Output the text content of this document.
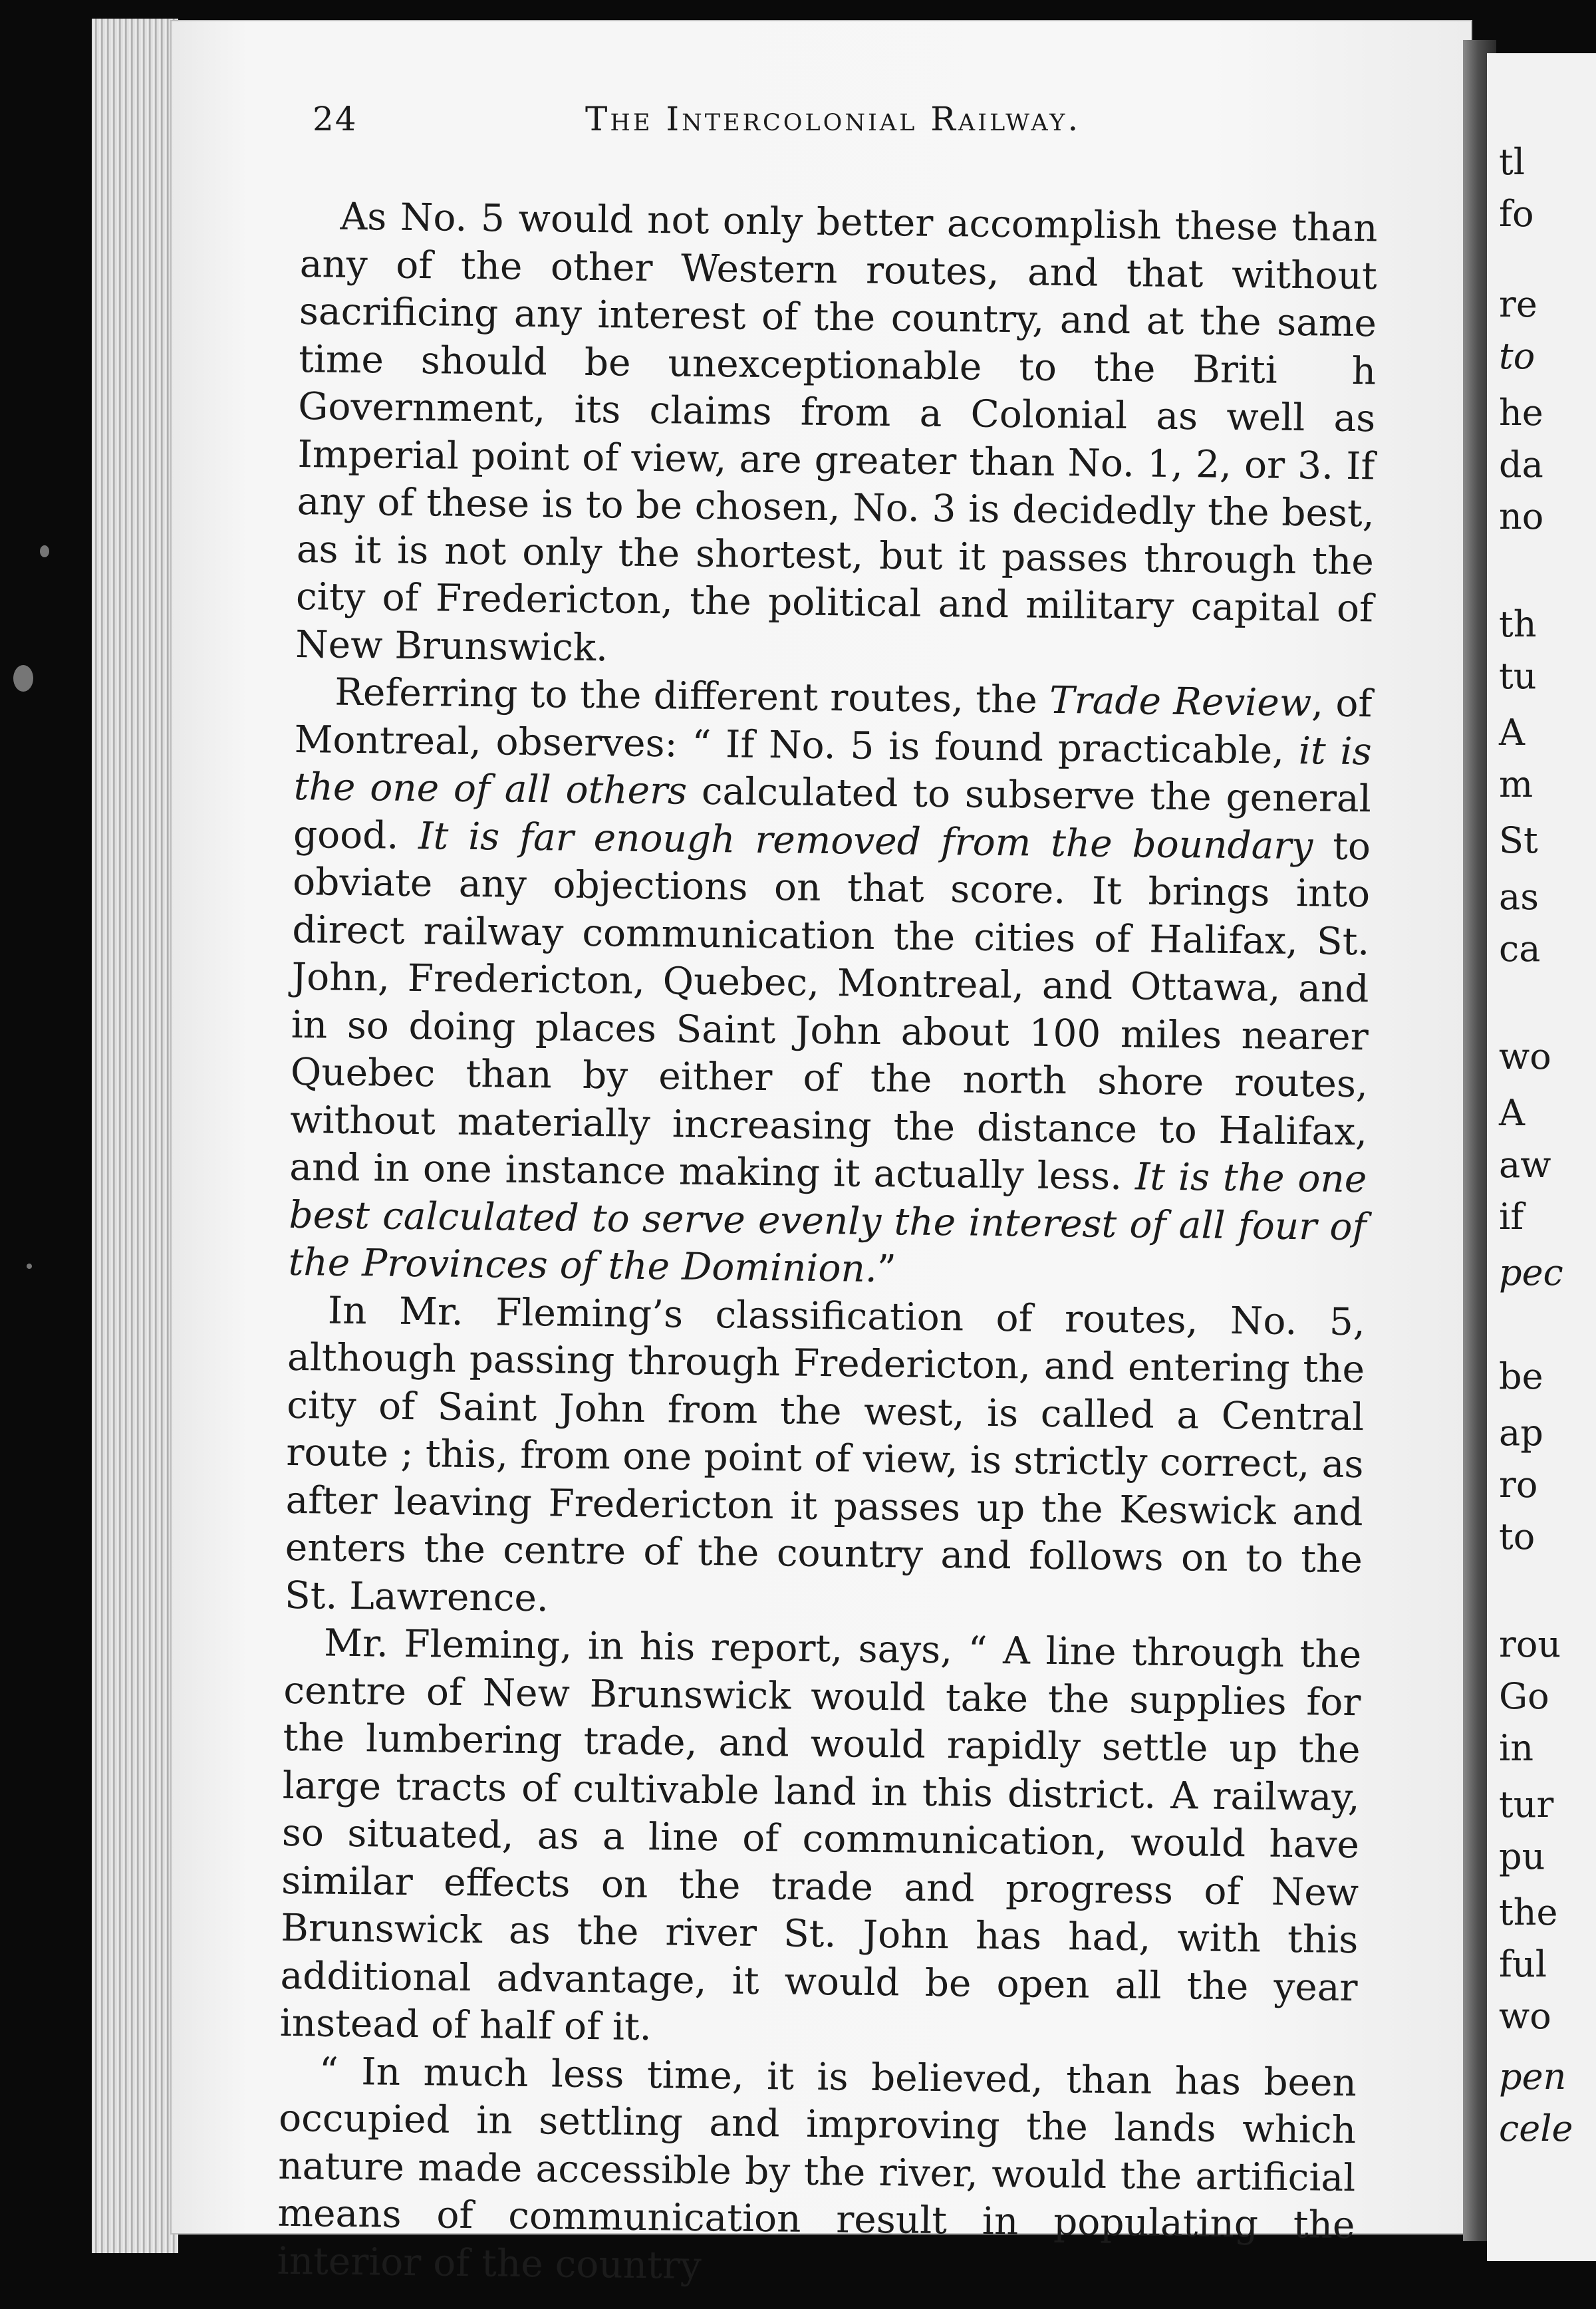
tl
fo
re
to
he
da
no
th
tu
A
m
St
as
ca
wo
A
aw
if
pec
be
ap
ro
to
rou
Go
in
tur
pu
the
ful
wo
pen
cele
24	The Intercolonial Railway.

As No. 5 would not only better accomplish these than any of the other Western routes, and that without sacrificing any interest of the country, and at the same time should be unexceptionable to the Briti  h Government, its claims from a Colonial as well as Imperial point of view, are greater than No. 1, 2, or 3. If any of these is to be chosen, No. 3 is decidedly the best, as it is not only the shortest, but it passes through the city of Fredericton, the political and military capital of New Brunswick.

Referring to the different routes, the Trade Review, of Montreal, observes: “ If No. 5 is found practicable, it is the one of all others calculated to subserve the general good. It is far enough removed from the boundary to obviate any objections on that score. It brings into direct railway communication the cities of Halifax, St. John, Fredericton, Quebec, Montreal, and Ottawa, and in so doing places Saint John about 100 miles nearer Quebec than by either of the north shore routes, without materially increasing the distance to Halifax, and in one instance making it actually less. It is the one best calculated to serve evenly the interest of all four of the Provinces of the Dominion.”

In Mr. Fleming’s classification of routes, No. 5, although passing through Fredericton, and entering the city of Saint John from the west, is called a Central route ; this, from one point of view, is strictly correct, as after leaving Fredericton it passes up the Keswick and enters the centre of the country and follows on to the St. Lawrence.

Mr. Fleming, in his report, says, “ A line through the centre of New Brunswick would take the supplies for the lumbering trade, and would rapidly settle up the large tracts of cultivable land in this district. A railway, so situated, as a line of communication, would have similar effects on the trade and progress of New Brunswick as the river St. John has had, with this additional advantage, it would be open all the year instead of half of it.

“ In much less time, it is believed, than has been occupied in settling and improving the lands which nature made accessible by the river, would the artificial means of communication result in populating the interior of the country
